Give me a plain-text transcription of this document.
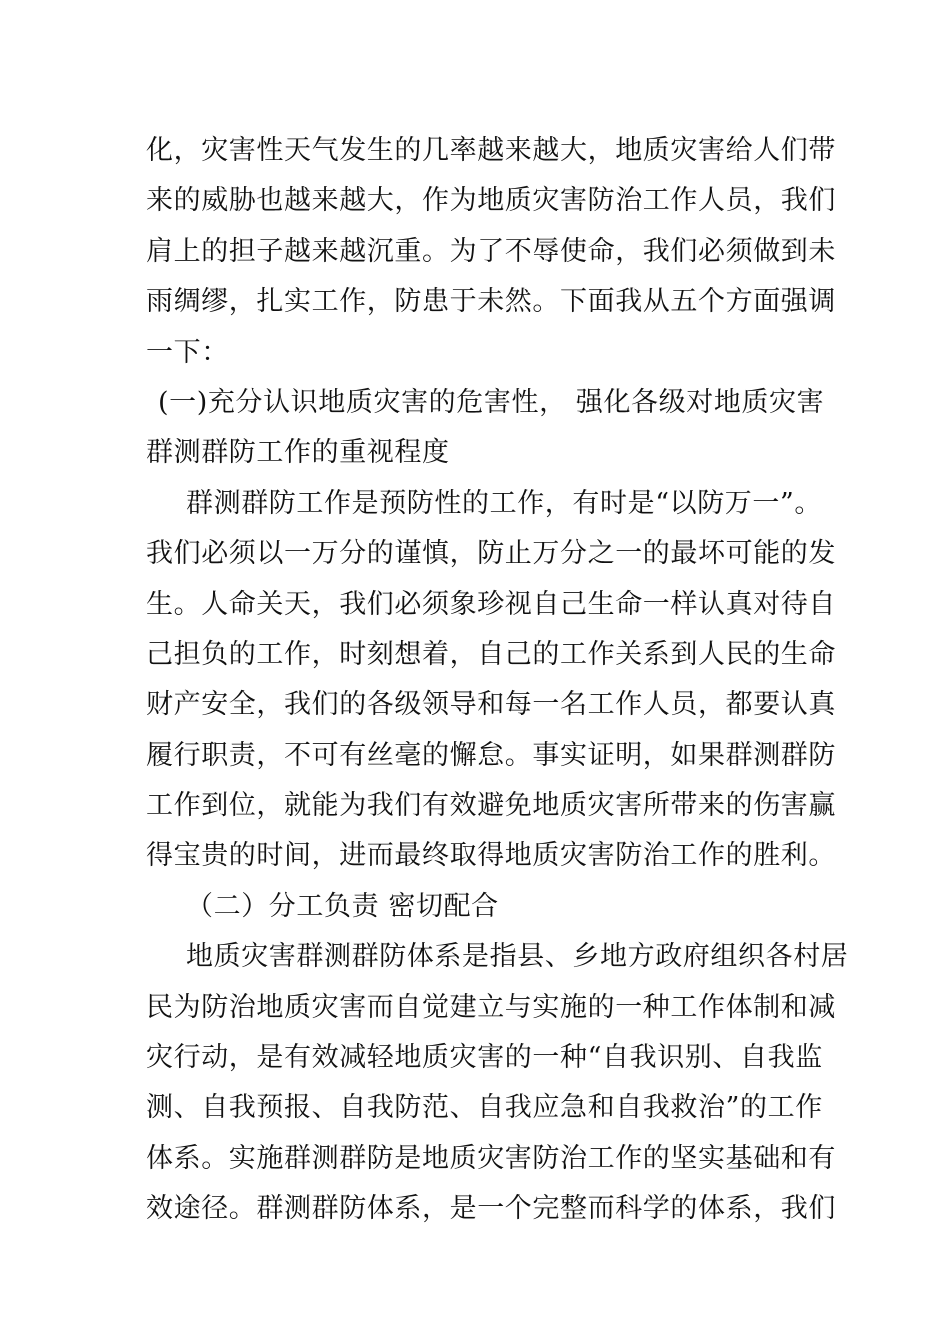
化，灾害性天气发生的几率越来越大，地质灾害给人们带
来的威胁也越来越大，作为地质灾害防治工作人员，我们
肩上的担子越来越沉重。为了不辱使命，我们必须做到未
雨绸缪，扎实工作，防患于未然。下面我从五个方面强调
一下：
(一)充分认识地质灾害的危害性， 强化各级对地质灾害
群测群防工作的重视程度
群测群防工作是预防性的工作，有时是“以防万一”。
我们必须以一万分的谨慎，防止万分之一的最坏可能的发
生。人命关天，我们必须象珍视自己生命一样认真对待自
己担负的工作，时刻想着，自己的工作关系到人民的生命
财产安全，我们的各级领导和每一名工作人员，都要认真
履行职责，不可有丝毫的懈怠。事实证明，如果群测群防
工作到位，就能为我们有效避免地质灾害所带来的伤害赢
得宝贵的时间，进而最终取得地质灾害防治工作的胜利。
（二）分工负责 密切配合
地质灾害群测群防体系是指县、乡地方政府组织各村居
民为防治地质灾害而自觉建立与实施的一种工作体制和减
灾行动，是有效减轻地质灾害的一种“自我识别、自我监
测、自我预报、自我防范、自我应急和自我救治”的工作
体系。实施群测群防是地质灾害防治工作的坚实基础和有
效途径。群测群防体系，是一个完整而科学的体系，我们
